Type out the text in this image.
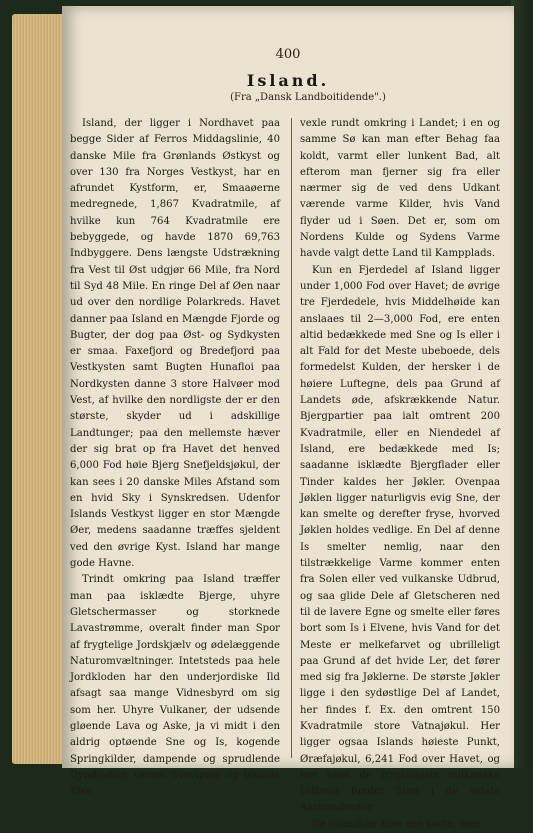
400
Island.
(Fra „Dansk Landboitidende".)

Island, der ligger i Nordhavet paa begge Sider af Ferros Middagslinie, 40 danske Mile fra Grønlands Østkyst og over 130 fra Norges Vestkyst, har en afrundet Kystform, er, Smaaøerne medregnede, 1,867 Kvadratmile, af hvilke kun 764 Kvadratmile ere bebyggede, og havde 1870 69,763 Indbyggere. Dens længste Udstrækning fra Vest til Øst udgjør 66 Mile, fra Nord til Syd 48 Mile. En ringe Del af Øen naar ud over den nordlige Polarkreds. Havet danner paa Island en Mængde Fjorde og Bugter, der dog paa Øst- og Sydkysten er smaa. Faxefjord og Bredefjord paa Vestkysten samt Bugten Hunafloi paa Nordkysten danne 3 store Halvøer mod Vest, af hvilke den nordligste der er den største, skyder ud i adskillige Landtunger; paa den mellemste hæver der sig brat op fra Havet det henved 6,000 Fod høie Bjerg Snefjeldsjøkul, der kan sees i 20 danske Miles Afstand som en hvid Sky i Synskredsen. Udenfor Islands Vestkyst ligger en stor Mængde Øer, medens saadanne træffes sjeldent ved den øvrige Kyst. Island har mange gode Havne.

Trindt omkring paa Island træffer man paa isklædte Bjerge, uhyre Gletschermasser og storknede Lavastrømme, overalt finder man Spor af frygtelige Jordskjælv og ødelæggende Naturomvæltninger. Intetsteds paa hele Jordkloden har den underjordiske Ild afsagt saa mange Vidnesbyrd om sig som her. Uhyre Vulkaner, der udsende gløende Lava og Aske, ja vi midt i den aldrig optøende Sne og Is, kogende Springkilder, dampende og sprudlende Dyndjedler, varme Svovlpøle og iskolde Elve

vexle rundt omkring i Landet; i en og samme Sø kan man efter Behag faa koldt, varmt eller lunkent Bad, alt efterom man fjerner sig fra eller nærmer sig de ved dens Udkant værende varme Kilder, hvis Vand flyder ud i Søen. Det er, som om Nordens Kulde og Sydens Varme havde valgt dette Land til Kampplads.

Kun en Fjerdedel af Island ligger under 1,000 Fod over Havet; de øvrige tre Fjerdedele, hvis Middelhøide kan anslaaes til 2—3,000 Fod, ere enten altid bedækkede med Sne og Is eller i alt Fald for det Meste ubeboede, dels formedelst Kulden, der hersker i de høiere Luftegne, dels paa Grund af Landets øde, afskrækkende Natur. Bjergpartier paa ialt omtrent 200 Kvadratmile, eller en Niendedel af Island, ere bedækkede med Is; saadanne isklædte Bjergflader eller Tinder kaldes her Jøkler. Ovenpaa Jøklen ligger naturligvis evig Sne, der kan smelte og derefter fryse, hvorved Jøklen holdes vedlige. En Del af denne Is smelter nemlig, naar den tilstrækkelige Varme kommer enten fra Solen eller ved vulkanske Udbrud, og saa glide Dele af Gletscheren ned til de lavere Egne og smelte eller føres bort som Is i Elvene, hvis Vand for det Meste er melkefarvet og ubrilleligt paa Grund af det hvide Ler, det fører med sig fra Jøklerne. De største Jøkler ligge i den sydøstlige Del af Landet, her findes f. Ex. den omtrent 150 Kvadratmile store Vatnajøkul. Her ligger ogsaa Islands høieste Punkt, Øræfajøkul, 6,241 Fod over Havet, og her have de frygteligste vulkanske Udbrud fundet Sted i de sidste Aarhundreder.

De islandske Elve ere korte, men
